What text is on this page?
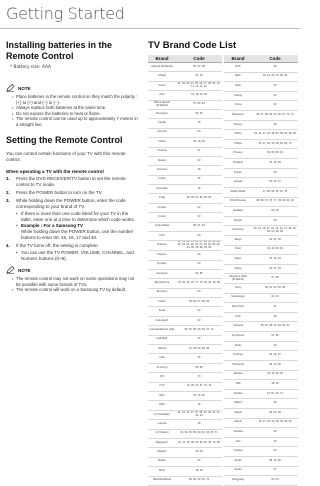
Getting Started
Installing batteries in the Remote Control
* Battery size: AAA
NOTE
• Place batteries in the remote control so they match the polarity : (+) to (+) and (–) to (–).
• Always replace both batteries at the same time.
• Do not expose the batteries to heat or flame.
• The remote control can be used up to approximately 7 meters in a straight line.
Setting the Remote Control

You can control certain functions of your TV with this remote control.

When operating a TV with the remote control
1. Press the DVD RECEIVER/TV button to set the remote control to TV mode.
2. Press the POWER button to turn on the TV.
3. While holding down the POWER button, enter the code corresponding to your brand of TV.
• If there is more than one code listed for your TV in the table, enter one at a time to determine which code works.
• Example : For a Samsung TV
While holding down the POWER button, use the number buttons to enter 00, 15, 16, 17 and 40.
4. If the TV turns off, the setting is complete.
• You can use the TV POWER, VOLUME, CHANNEL, and Numeric buttons (0~9).
NOTE
• The remote control may not work on some operations may not be possible with some brands of TVs.
• The remote control will work on a Samsung TV by default.
TV Brand Code List
Brand	Code
Admiral (M.Wards)	56, 57, 58
A Mark	01, 15
Anam	01, 02, 03, 04, 05, 06, 07, 08, 09, 10, 11, 12, 13, 14
AOC	01, 18, 40, 48
Bell & Howell (M.Wards)	57, 58, 81
Brocsonic	59, 60
Candle	18
Cetronic	03
Citizen	03, 18, 25
Cinema	97
Classic	03
Concerto	18
Contec	46
Coronado	15
Craig	03, 05, 61, 82, 83, 84
Croslex	62
Crown	03
Curtis Mates	59, 61, 63
CXC	03
Daewoo	02, 03, 04, 15, 16, 17, 18, 19, 20, 21, 22, 23, 24, 25, 26, 27, 28, 29, 30, 32, 34, 35, 36, 48, 59, 90
Daytron	40
Dynasty	03
Dynatech	62, 85
Electrohome	75, 81, 64, 76, 77, 78, 92, 93, 94, 95
Emerson	64
Fisher	06, 66, 67, 68, 69
Funai	03
Futuretech	03
General Electric (GE)	06, 40, 56, 59, 66, 67, 73
Hall Mark	40
Hitachi	15, 18, 50, 59, 69
Inkel	45
JC Penny	56, 59
JVC	70
KTV	16, 06, 61, 67, 70, 79
KEC	03, 15, 40
KMC	15
LG (Goldstar)	01, 15, 16, 17, 37, 38, 39, 40, 41, 42, 43, 44
Luxman	18
LXI (Sears)	19, 54, 56, 59, 60, 62, 63, 65, 71
Magnavox	15, 17, 18, 48, 54, 59, 60, 62, 72, 89
Marantz	40, 54
Matsui	54
MGA	18, 40
Mitsubishi/MGA	18, 40, 59, 60, 75
Brand	Code
MTC	18
NEC	18, 19, 20, 40, 59, 60
Nikei	03
Onking	03
Onwa	03
Panasonic	06, 07, 08, 09, 54, 66, 67, 73, 74
Penney	18
Philco	03, 15, 17, 18, 48, 54, 59, 62, 69, 90
Philips	15, 17, 18, 40, 48, 54, 62, 72
Pioneer	63, 66, 80, 91
Portland	15, 18, 59
Proton	40
Quasar	06, 66, 67
Radio Shack	17, 48, 56, 60, 61, 75
RCA/Proscan	18, 59, 67, 76, 77, 78, 92, 93, 94
Realistic	03, 19
Sampo	40
Samsung	00, 15, 16, 17, 40, 43, 46, 47, 48, 49, 59, 60, 98, 99
Sanyo	19, 61, 65
Scott	03, 40, 60, 61
Sears	15, 18, 19
Sharp	15, 57, 64
Signature 2000 (M.Wards)	57, 58
Sony	50, 51, 52, 53, 55
Soundesign	03, 40
Spectricon	01
SSS	18
Sylvania	18, 40, 48, 54, 59, 60, 62
Symphonic	61, 95
Tandy	18
Technics	06, 66, 67
Techwood	18, 40, 56
Teknika	03, 15, 18, 25
TMK	18, 40
Toshiba	19, 57, 63, 71
Vidtech	18
Videch	59, 60, 69
Wards	15, 17, 18, 40, 48, 54, 60, 64
Yamaha	18
York	40
Yupiteru	03
Zenith	58, 79, 90
Zonda	01
Dongyang	03, 54
